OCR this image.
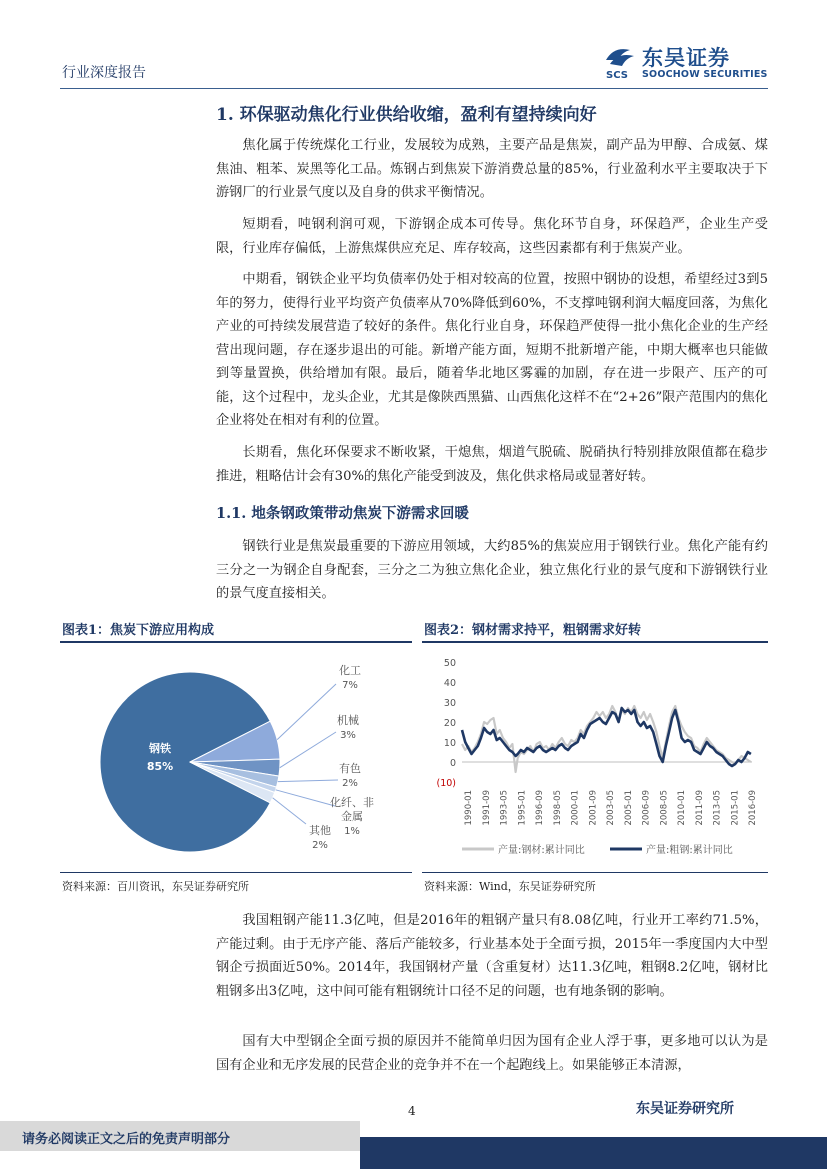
行业深度报告	SCS
东吴证券
SOOCHOW SECURITIES
1. 环保驱动焦化行业供给收缩，盈利有望持续向好
焦化属于传统煤化工行业，发展较为成熟，主要产品是焦炭，副产品为甲醇、合成氨、煤焦油、粗苯、炭黑等化工品。炼钢占到焦炭下游消费总量的85%，行业盈利水平主要取决于下游钢厂的行业景气度以及自身的供求平衡情况。
短期看，吨钢利润可观，下游钢企成本可传导。焦化环节自身，环保趋严，企业生产受限，行业库存偏低，上游焦煤供应充足、库存较高，这些因素都有利于焦炭产业。
中期看，钢铁企业平均负债率仍处于相对较高的位置，按照中钢协的设想，希望经过3到5年的努力，使得行业平均资产负债率从70%降低到60%，不支撑吨钢利润大幅度回落，为焦化产业的可持续发展营造了较好的条件。焦化行业自身，环保趋严使得一批小焦化企业的生产经营出现问题，存在逐步退出的可能。新增产能方面，短期不批新增产能，中期大概率也只能做到等量置换，供给增加有限。最后，随着华北地区雾霾的加剧，存在进一步限产、压产的可能，这个过程中，龙头企业，尤其是像陕西黑猫、山西焦化这样不在“2+26”限产范围内的焦化企业将处在相对有利的位置。
长期看，焦化环保要求不断收紧，干熄焦，烟道气脱硫、脱硝执行特别排放限值都在稳步推进，粗略估计会有30%的焦化产能受到波及，焦化供求格局或显著好转。
1.1. 地条钢政策带动焦炭下游需求回暖
钢铁行业是焦炭最重要的下游应用领域，大约85%的焦炭应用于钢铁行业。焦化产能有约三分之一为钢企自身配套，三分之二为独立焦化企业，独立焦化行业的景气度和下游钢铁行业的景气度直接相关。
图表1：焦炭下游应用构成
钢铁
85%
化工
7%
机械
3%
有色
2%
化纤、非
金属
1%
其他
2%
资料来源：百川资讯，东吴证券研究所
图表2：钢材需求持平，粗钢需求好转
50
40
30
20
10
0
(10)
1990-01 1991-09 1993-05 1995-01 1996-09 1998-05 2000-01 2001-09 2003-05 2005-01 2006-09 2008-05 2010-01 2011-09 2013-05 2015-01 2016-09
产量:钢材:累计同比	产量:粗钢:累计同比
资料来源：Wind，东吴证券研究所
我国粗钢产能11.3亿吨，但是2016年的粗钢产量只有8.08亿吨，行业开工率约71.5%，产能过剩。由于无序产能、落后产能较多，行业基本处于全面亏损，2015年一季度国内大中型钢企亏损面近50%。2014年，我国钢材产量（含重复材）达11.3亿吨，粗钢8.2亿吨，钢材比粗钢多出3亿吨，这中间可能有粗钢统计口径不足的问题，也有地条钢的影响。
国有大中型钢企全面亏损的原因并不能简单归因为国有企业人浮于事，更多地可以认为是国有企业和无序发展的民营企业的竞争并不在一个起跑线上。如果能够正本清源，
4	东吴证券研究所
请务必阅读正文之后的免责声明部分
